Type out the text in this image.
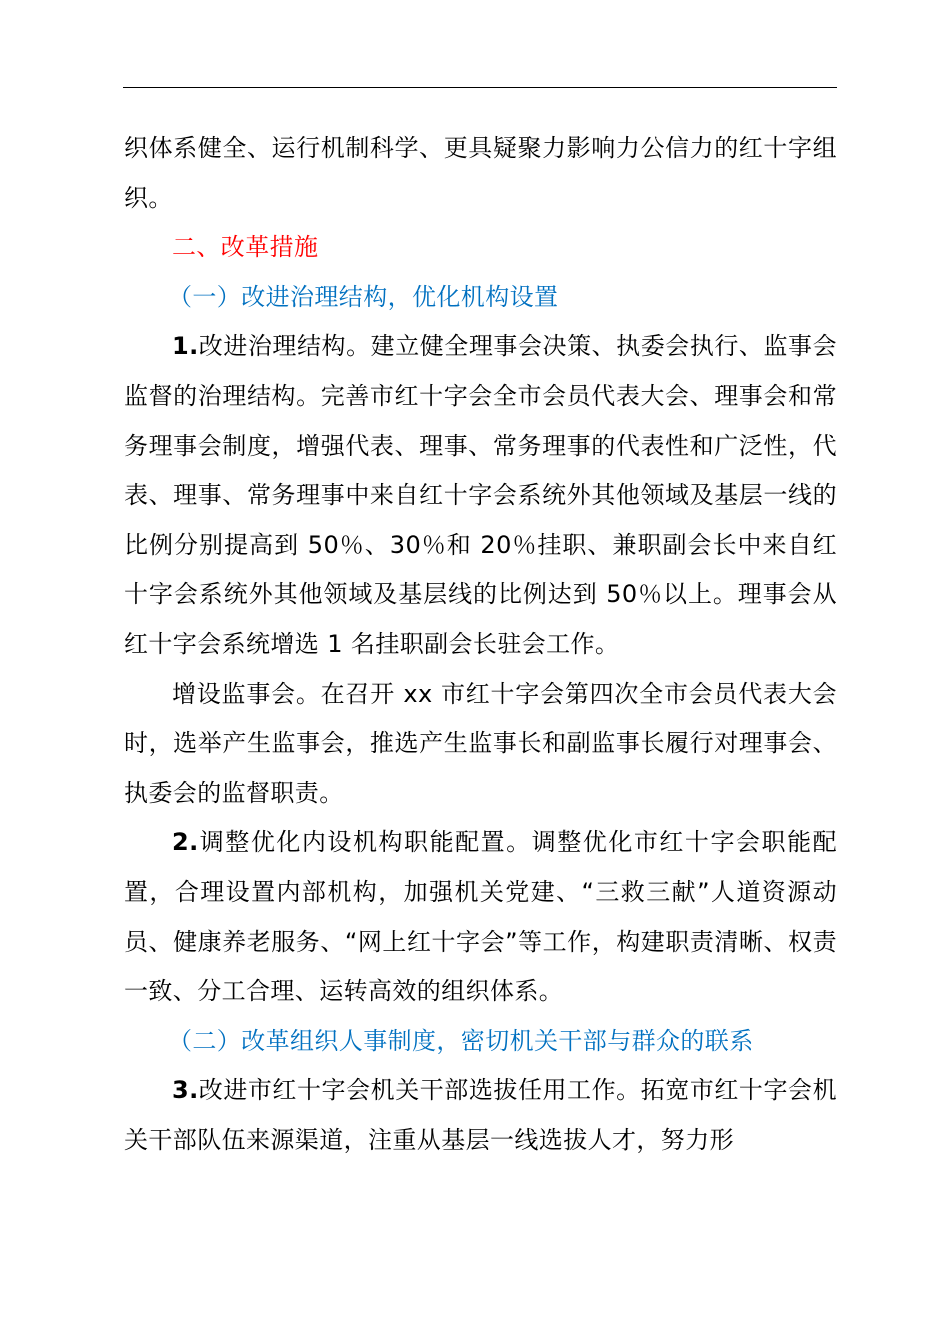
织体系健全、运行机制科学、更具疑聚力影响力公信力的红十字组织。

二、改革措施

（一）改进治理结构，优化机构设置

1.改进治理结构。建立健全理事会决策、执委会执行、监事会监督的治理结构。完善市红十字会全市会员代表大会、理事会和常务理事会制度，增强代表、理事、常务理事的代表性和广泛性，代表、理事、常务理事中来自红十字会系统外其他领域及基层一线的比例分别提高到 50％、30％和 20％挂职、兼职副会长中来自红十字会系统外其他领域及基层线的比例达到 50％以上。理事会从红十字会系统增选 1 名挂职副会长驻会工作。

增设监事会。在召开 xx 市红十字会第四次全市会员代表大会时，选举产生监事会，推选产生监事长和副监事长履行对理事会、执委会的监督职责。

2.调整优化内设机构职能配置。调整优化市红十字会职能配置，合理设置内部机构，加强机关党建、“三救三献”人道资源动员、健康养老服务、“网上红十字会”等工作，构建职责清晰、权责一致、分工合理、运转高效的组织体系。

（二）改革组织人事制度，密切机关干部与群众的联系

3.改进市红十字会机关干部选拔任用工作。拓宽市红十字会机关干部队伍来源渠道，注重从基层一线选拔人才，努力形
